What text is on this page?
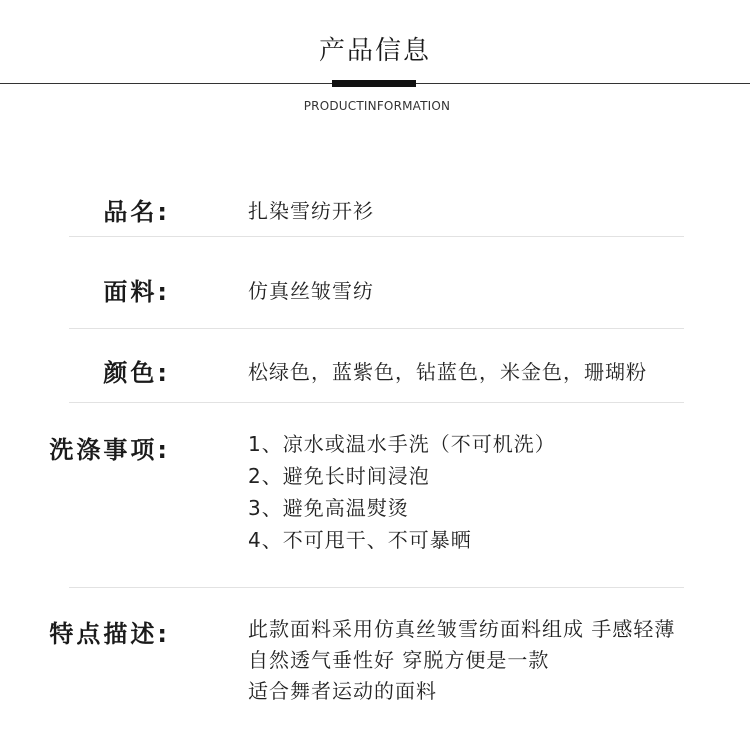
产品信息
PRODUCTINFORMATION
品名:	扎染雪纺开衫
面料:	仿真丝皱雪纺
颜色:	松绿色，蓝紫色，钻蓝色，米金色，珊瑚粉
洗涤事项:	1、凉水或温水手洗（不可机洗）
2、避免长时间浸泡
3、避免高温熨烫
4、不可甩干、不可暴晒
特点描述:	此款面料采用仿真丝皱雪纺面料组成 手感轻薄
自然透气垂性好 穿脱方便是一款
适合舞者运动的面料
